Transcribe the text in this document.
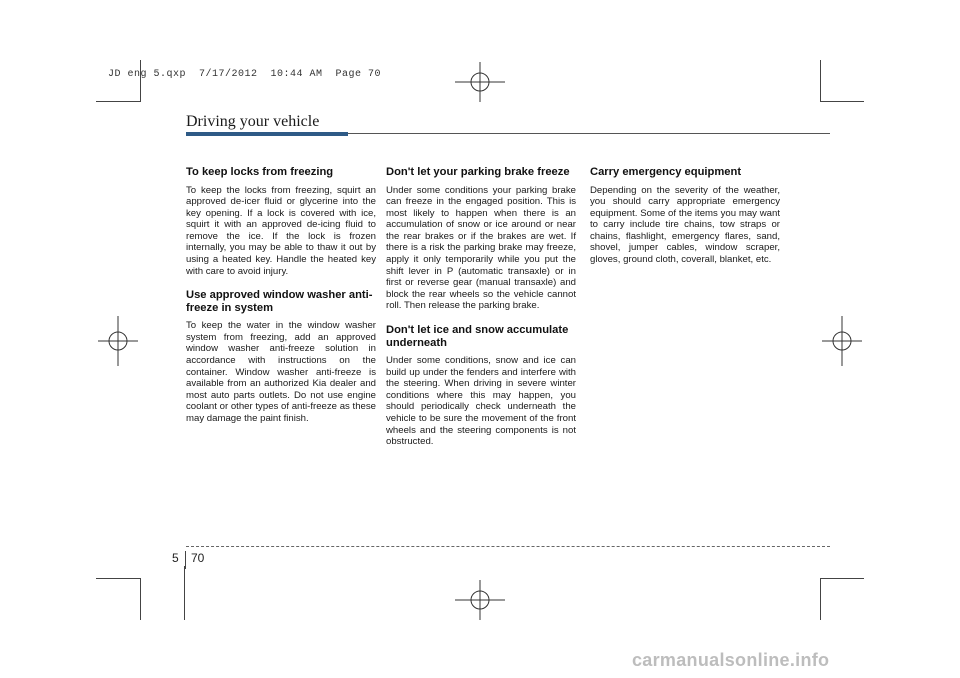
JD eng 5.qxp  7/17/2012  10:44 AM  Page 70
Driving your vehicle
To keep locks from freezing
To keep the locks from freezing, squirt an approved de-icer fluid or glycerine into the key opening. If a lock is covered with ice, squirt it with an approved de-icing fluid to remove the ice. If the lock is frozen internally, you may be able to thaw it out by using a heated key. Handle the heated key with care to avoid injury.
Use approved window washer anti-freeze in system
To keep the water in the window washer system from freezing, add an approved window washer anti-freeze solution in accordance with instructions on the container. Window washer anti-freeze is available from an authorized Kia dealer and most auto parts outlets. Do not use engine coolant or other types of anti-freeze as these may damage the paint finish.
Don't let your parking brake freeze
Under some conditions your parking brake can freeze in the engaged position. This is most likely to happen when there is an accumulation of snow or ice around or near the rear brakes or if the brakes are wet. If there is a risk the parking brake may freeze, apply it only temporarily while you put the shift lever in P (automatic transaxle) or in first or reverse gear (manual transaxle) and block the rear wheels so the vehicle cannot roll. Then release the parking brake.
Don't let ice and snow accumulate underneath
Under some conditions, snow and ice can build up under the fenders and interfere with the steering. When driving in severe winter conditions where this may happen, you should periodically check underneath the vehicle to be sure the movement of the front wheels and the steering components is not obstructed.
Carry emergency equipment
Depending on the severity of the weather, you should carry appropriate emergency equipment. Some of the items you may want to carry include tire chains, tow straps or chains, flashlight, emergency flares, sand, shovel, jumper cables, window scraper, gloves, ground cloth, coverall, blanket, etc.
5 70
carmanualsonline.info
